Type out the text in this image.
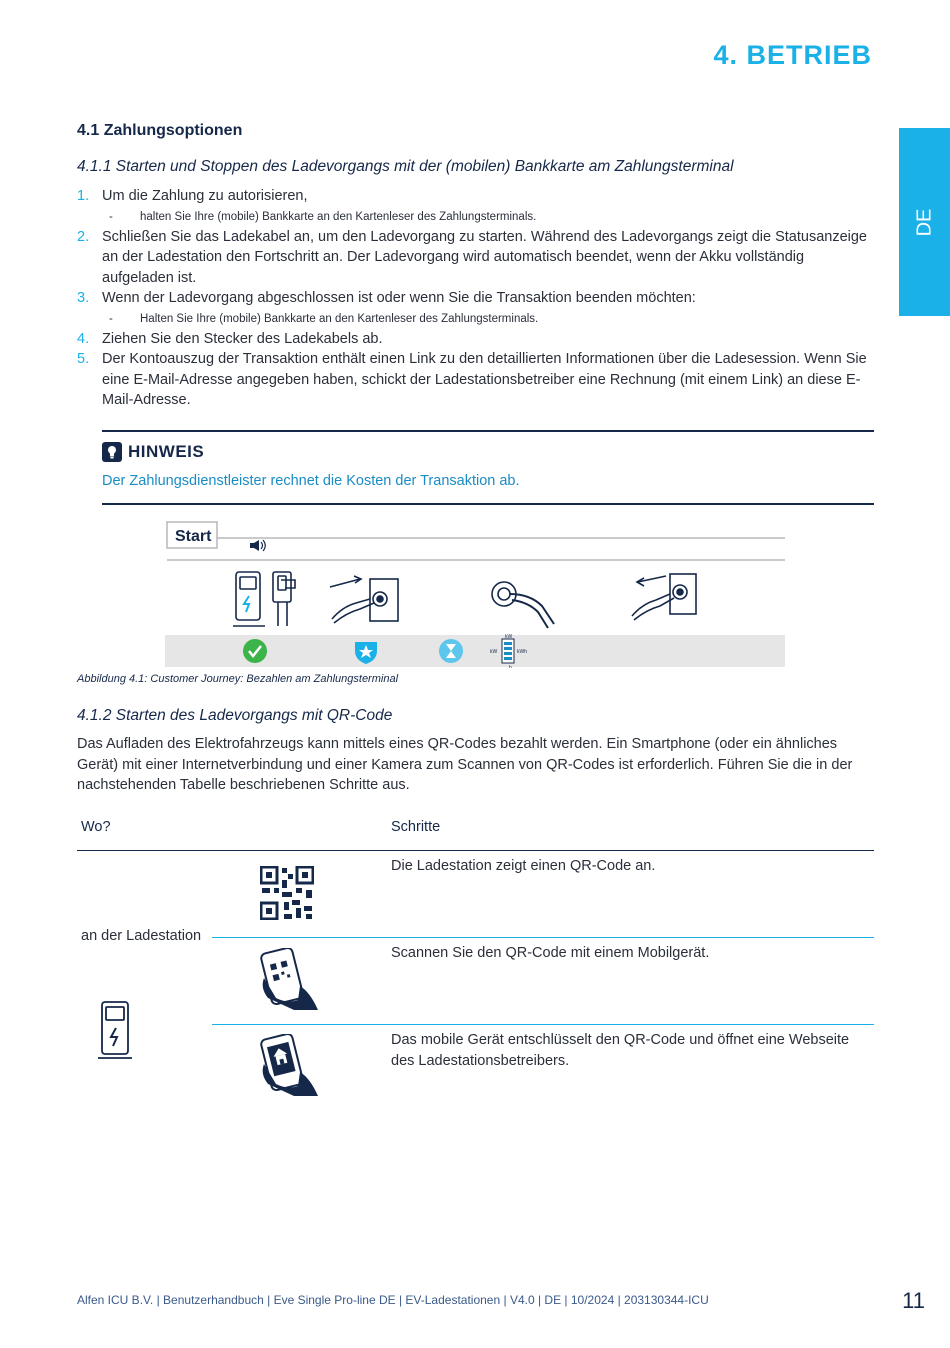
4. BETRIEB
DE
4.1 Zahlungsoptionen
4.1.1 Starten und Stoppen des Ladevorgangs mit der (mobilen) Bankkarte am Zahlungsterminal
1. Um die Zahlung zu autorisieren,
-	halten Sie Ihre (mobile) Bankkarte an den Kartenleser des Zahlungsterminals.
2. Schließen Sie das Ladekabel an, um den Ladevorgang zu starten. Während des Ladevorgangs zeigt die Statusanzeige an der Ladestation den Fortschritt an. Der Ladevorgang wird automatisch beendet, wenn der Akku vollständig aufgeladen ist.
3. Wenn der Ladevorgang abgeschlossen ist oder wenn Sie die Transaktion beenden möchten:
-	Halten Sie Ihre (mobile) Bankkarte an den Kartenleser des Zahlungsterminals.
4. Ziehen Sie den Stecker des Ladekabels ab.
5. Der Kontoauszug der Transaktion enthält einen Link zu den detaillierten Informationen über die Ladesession. Wenn Sie eine E-Mail-Adresse angegeben haben, schickt der Ladestationsbetreiber eine Rechnung (mit einem Link) an diese E-Mail-Adresse.
HINWEIS
Der Zahlungsdienstleister rechnet die Kosten der Transaktion ab.
Start
kW
kW	kWh
h
Abbildung 4.1: Customer Journey: Bezahlen am Zahlungsterminal
4.1.2 Starten des Ladevorgangs mit QR-Code
Das Aufladen des Elektrofahrzeugs kann mittels eines QR-Codes bezahlt werden. Ein Smartphone (oder ein ähnliches Gerät) mit einer Internetverbindung und einer Kamera zum Scannen von QR-Codes ist erforderlich. Führen Sie die in der nachstehenden Tabelle beschriebenen Schritte aus.
Wo?	Schritte
an der Ladestation
Die Ladestation zeigt einen QR-Code an.
Scannen Sie den QR-Code mit einem Mobilgerät.
Das mobile Gerät entschlüsselt den QR-Code und öffnet eine Webseite des Ladestationsbetreibers.
Alfen ICU B.V. | Benutzerhandbuch | Eve Single Pro-line DE | EV-Ladestationen | V4.0 | DE | 10/2024 | 203130344-ICU	11
